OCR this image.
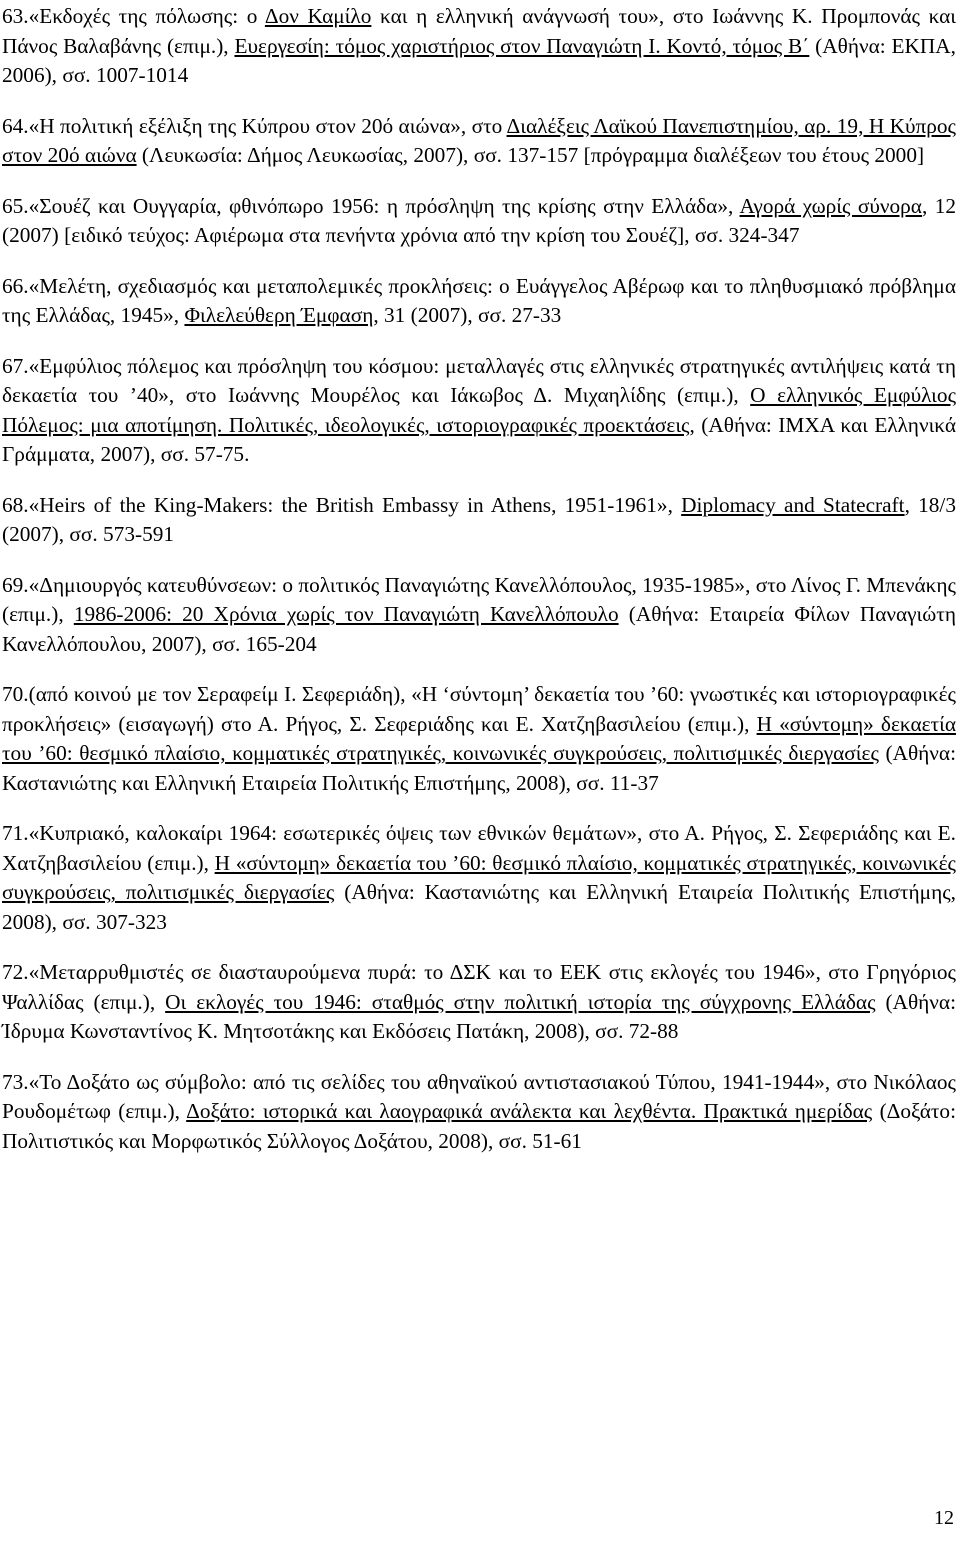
63.«Εκδοχές της πόλωσης: ο Δον Καμίλο και η ελληνική ανάγνωσή του», στο Ιωάννης Κ. Προμπονάς και Πάνος Βαλαβάνης (επιμ.), Ευεργεσίη: τόμος χαριστήριος στον Παναγιώτη Ι. Κοντό, τόμος Β΄ (Αθήνα: ΕΚΠΑ, 2006), σσ. 1007-1014

64.«Η πολιτική εξέλιξη της Κύπρου στον 20ό αιώνα», στο Διαλέξεις Λαϊκού Πανεπιστημίου, αρ. 19, Η Κύπρος στον 20ό αιώνα (Λευκωσία: Δήμος Λευκωσίας, 2007), σσ. 137-157 [πρόγραμμα διαλέξεων του έτους 2000]

65.«Σουέζ και Ουγγαρία, φθινόπωρο 1956: η πρόσληψη της κρίσης στην Ελλάδα», Αγορά χωρίς σύνορα, 12 (2007) [ειδικό τεύχος: Αφιέρωμα στα πενήντα χρόνια από την κρίση του Σουέζ], σσ. 324-347

66.«Μελέτη, σχεδιασμός και μεταπολεμικές προκλήσεις: ο Ευάγγελος Αβέρωφ και το πληθυσμιακό πρόβλημα της Ελλάδας, 1945», Φιλελεύθερη Έμφαση, 31 (2007), σσ. 27-33

67.«Εμφύλιος πόλεμος και πρόσληψη του κόσμου: μεταλλαγές στις ελληνικές στρατηγικές αντιλήψεις κατά τη δεκαετία του ’40», στο Ιωάννης Μουρέλος και Ιάκωβος Δ. Μιχαηλίδης (επιμ.), Ο ελληνικός Εμφύλιος Πόλεμος: μια αποτίμηση. Πολιτικές, ιδεολογικές, ιστοριογραφικές προεκτάσεις, (Αθήνα: ΙΜΧΑ και Ελληνικά Γράμματα, 2007), σσ. 57-75.

68.«Heirs of the King-Makers: the British Embassy in Athens, 1951-1961», Diplomacy and Statecraft, 18/3 (2007), σσ. 573-591

69.«Δημιουργός κατευθύνσεων: ο πολιτικός Παναγιώτης Κανελλόπουλος, 1935-1985», στο Λίνος Γ. Μπενάκης (επιμ.), 1986-2006: 20 Χρόνια χωρίς τον Παναγιώτη Κανελλόπουλο (Αθήνα: Εταιρεία Φίλων Παναγιώτη Κανελλόπουλου, 2007), σσ. 165-204

70.(από κοινού με τον Σεραφείμ Ι. Σεφεριάδη), «Η ‘σύντομη’ δεκαετία του ’60: γνωστικές και ιστοριογραφικές προκλήσεις» (εισαγωγή) στο Α. Ρήγος, Σ. Σεφεριάδης και Ε. Χατζηβασιλείου (επιμ.), Η «σύντομη» δεκαετία του ’60: θεσμικό πλαίσιο, κομματικές στρατηγικές, κοινωνικές συγκρούσεις, πολιτισμικές διεργασίες (Αθήνα: Καστανιώτης και Ελληνική Εταιρεία Πολιτικής Επιστήμης, 2008), σσ. 11-37

71.«Κυπριακό, καλοκαίρι 1964: εσωτερικές όψεις των εθνικών θεμάτων», στο Α. Ρήγος, Σ. Σεφεριάδης και Ε. Χατζηβασιλείου (επιμ.), Η «σύντομη» δεκαετία του ’60: θεσμικό πλαίσιο, κομματικές στρατηγικές, κοινωνικές συγκρούσεις, πολιτισμικές διεργασίες (Αθήνα: Καστανιώτης και Ελληνική Εταιρεία Πολιτικής Επιστήμης, 2008), σσ. 307-323

72.«Μεταρρυθμιστές σε διασταυρούμενα πυρά: το ΔΣΚ και το ΕΕΚ στις εκλογές του 1946», στο Γρηγόριος Ψαλλίδας (επιμ.), Οι εκλογές του 1946: σταθμός στην πολιτική ιστορία της σύγχρονης Ελλάδας (Αθήνα: Ίδρυμα Κωνσταντίνος Κ. Μητσοτάκης και Εκδόσεις Πατάκη, 2008), σσ. 72-88

73.«Το Δοξάτο ως σύμβολο: από τις σελίδες του αθηναϊκού αντιστασιακού Τύπου, 1941-1944», στο Νικόλαος Ρουδομέτωφ (επιμ.), Δοξάτο: ιστορικά και λαογραφικά ανάλεκτα και λεχθέντα. Πρακτικά ημερίδας (Δοξάτο: Πολιτιστικός και Μορφωτικός Σύλλογος Δοξάτου, 2008), σσ. 51-61

12
